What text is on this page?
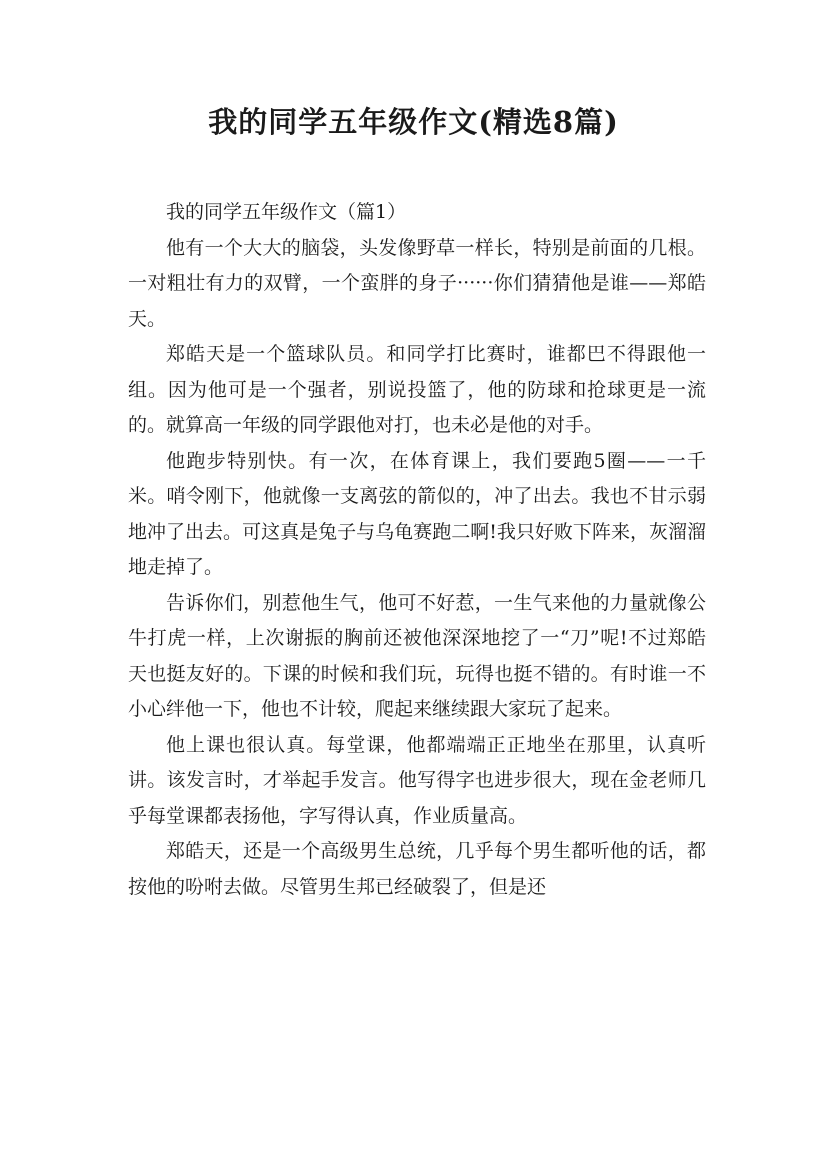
我的同学五年级作文(精选8篇)

我的同学五年级作文（篇1）

他有一个大大的脑袋，头发像野草一样长，特别是前面的几根。一对粗壮有力的双臂，一个蛮胖的身子······你们猜猜他是谁——郑皓天。

郑皓天是一个篮球队员。和同学打比赛时，谁都巴不得跟他一组。因为他可是一个强者，别说投篮了，他的防球和抢球更是一流的。就算高一年级的同学跟他对打，也未必是他的对手。

他跑步特别快。有一次，在体育课上，我们要跑5圈——一千米。哨令刚下，他就像一支离弦的箭似的，冲了出去。我也不甘示弱地冲了出去。可这真是兔子与乌龟赛跑二啊!我只好败下阵来，灰溜溜地走掉了。

告诉你们，别惹他生气，他可不好惹，一生气来他的力量就像公牛打虎一样，上次谢振的胸前还被他深深地挖了一“刀”呢!不过郑皓天也挺友好的。下课的时候和我们玩，玩得也挺不错的。有时谁一不小心绊他一下，他也不计较，爬起来继续跟大家玩了起来。

他上课也很认真。每堂课，他都端端正正地坐在那里，认真听讲。该发言时，才举起手发言。他写得字也进步很大，现在金老师几乎每堂课都表扬他，字写得认真，作业质量高。

郑皓天，还是一个高级男生总统，几乎每个男生都听他的话，都按他的吩咐去做。尽管男生邦已经破裂了，但是还
